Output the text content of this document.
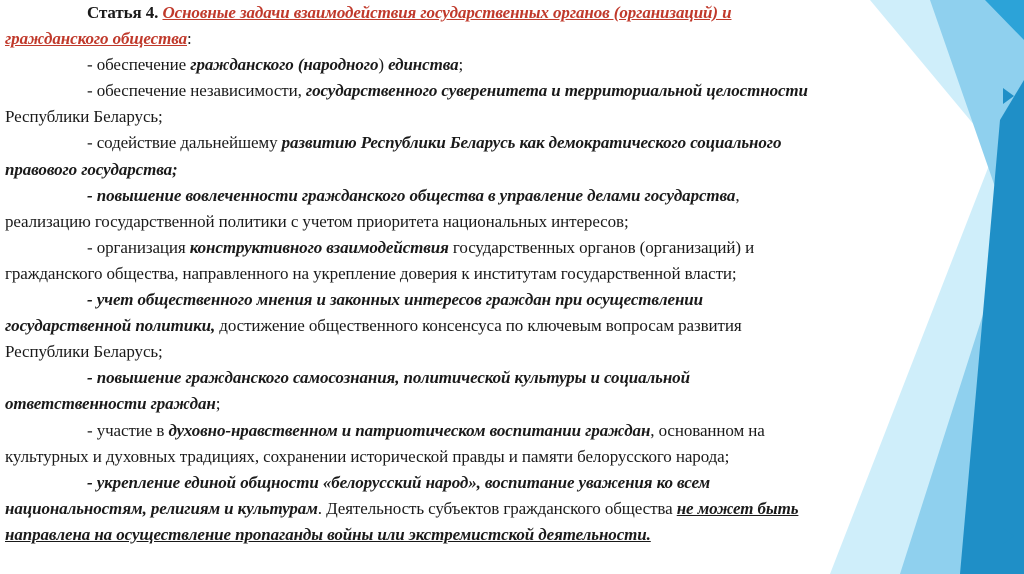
Статья 4. Основные задачи взаимодействия государственных органов (организаций) и
гражданского общества:
- обеспечение гражданского (народного) единства;
- обеспечение независимости, государственного суверенитета и территориальной целостности
Республики Беларусь;
- содействие дальнейшему развитию Республики Беларусь как демократического социального
правового государства;
- повышение вовлеченности гражданского общества в управление делами государства,
реализацию государственной политики с учетом приоритета национальных интересов;
- организация конструктивного взаимодействия государственных органов (организаций) и
гражданского общества, направленного на укрепление доверия к институтам государственной власти;
- учет общественного мнения и законных интересов граждан при осуществлении
государственной политики, достижение общественного консенсуса по ключевым вопросам развития
Республики Беларусь;
- повышение гражданского самосознания, политической культуры и социальной
ответственности граждан;
- участие в духовно-нравственном и патриотическом воспитании граждан, основанном на
культурных и духовных традициях, сохранении исторической правды и памяти белорусского народа;
- укрепление единой общности «белорусский народ», воспитание уважения ко всем
национальностям, религиям и культурам. Деятельность субъектов гражданского общества не может быть
направлена на осуществление пропаганды войны или экстремистской деятельности.
